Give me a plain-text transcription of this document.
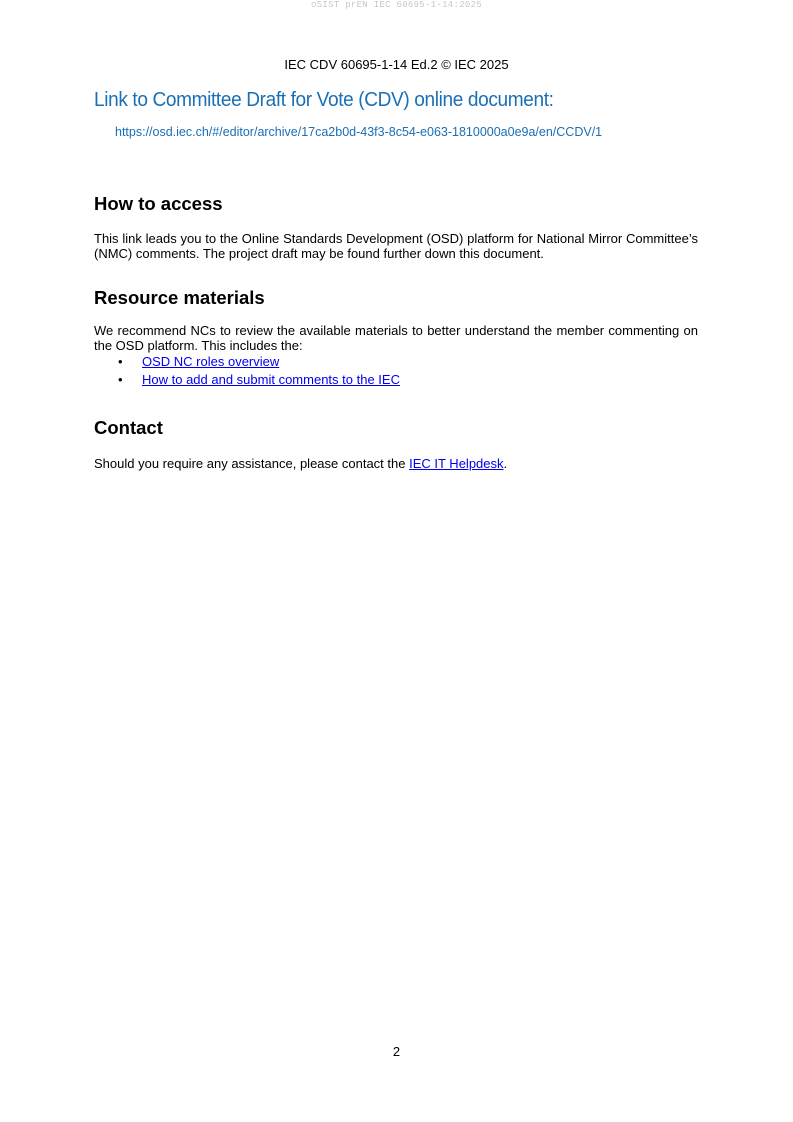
oSIST prEN IEC 60695-1-14:2025
IEC CDV 60695-1-14 Ed.2 © IEC 2025
Link to Committee Draft for Vote (CDV) online document:
https://osd.iec.ch/#/editor/archive/17ca2b0d-43f3-8c54-e063-1810000a0e9a/en/CCDV/1
How to access

This link leads you to the Online Standards Development (OSD) platform for National Mirror Committee’s (NMC) comments. The project draft may be found further down this document.

Resource materials

We recommend NCs to review the available materials to better understand the member commenting on the OSD platform. This includes the:

• OSD NC roles overview
• How to add and submit comments to the IEC
Contact

Should you require any assistance, please contact the IEC IT Helpdesk.

2
